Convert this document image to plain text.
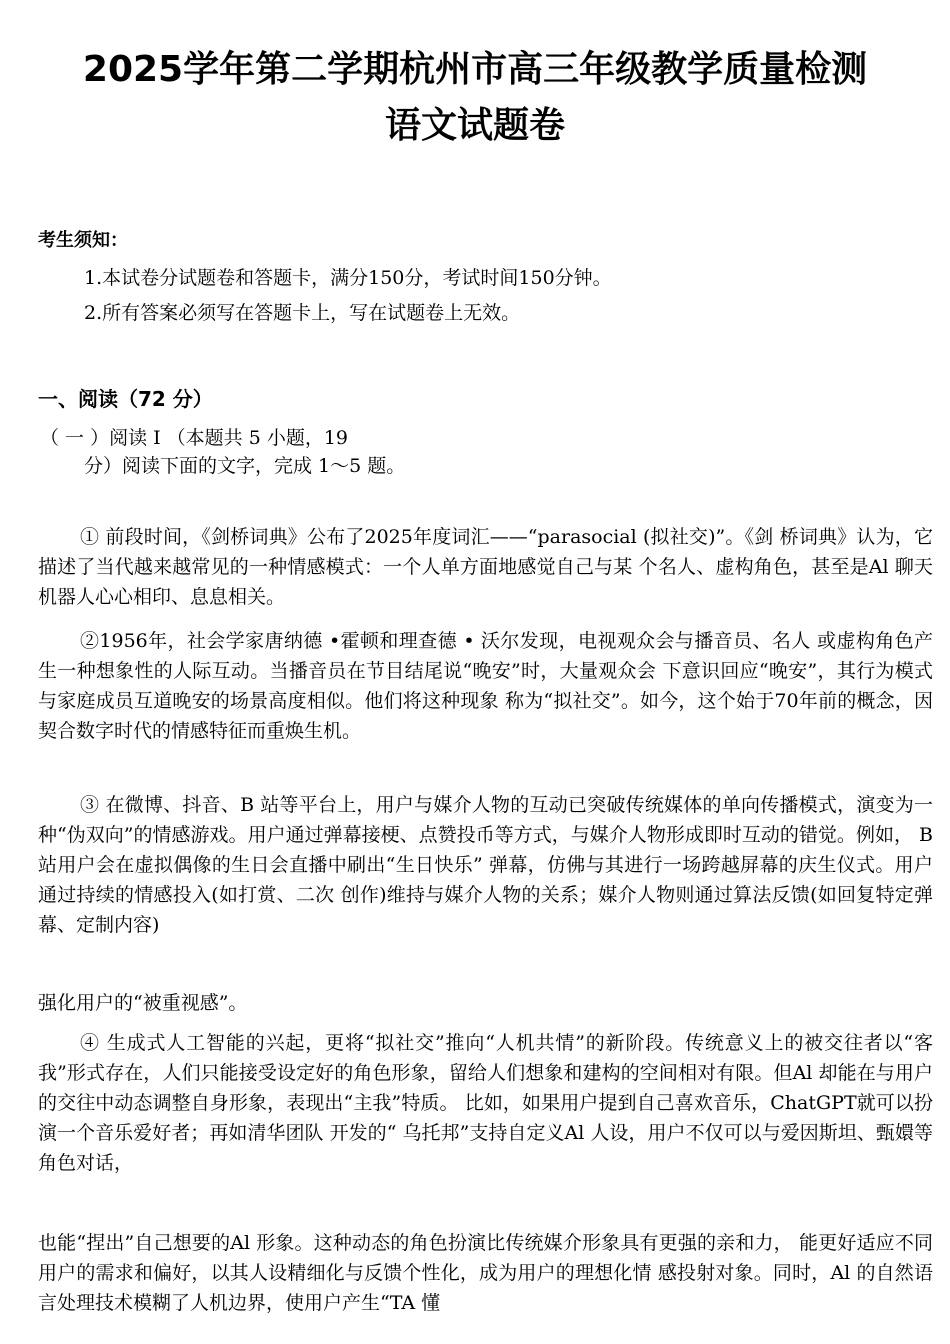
2025学年第二学期杭州市高三年级教学质量检测
语文试题卷

考生须知：

1.本试卷分试题卷和答题卡，满分150分，考试时间150分钟。

2.所有答案必须写在答题卡上，写在试题卷上无效。

一、阅读（72 分）

（ 一 ）阅读 I （本题共 5 小题，19
分）阅读下面的文字，完成 1～5 题。

① 前段时间，《剑桥词典》公布了2025年度词汇——“parasocial (拟社交)”。《剑 桥词典》认为，它描述了当代越来越常见的一种情感模式：一个人单方面地感觉自己与某 个名人、虚构角色，甚至是Al 聊天机器人心心相印、息息相关。

②1956年，社会学家唐纳德 •霍顿和理查德 • 沃尔发现，电视观众会与播音员、名人 或虚构角色产生一种想象性的人际互动。当播音员在节目结尾说“晚安”时，大量观众会 下意识回应“晚安”，其行为模式与家庭成员互道晚安的场景高度相似。他们将这种现象 称为“拟社交”。如今，这个始于70年前的概念，因契合数字时代的情感特征而重焕生机。

③ 在微博、抖音、B 站等平台上，用户与媒介人物的互动已突破传统媒体的单向传播模式，演变为一种“伪双向”的情感游戏。用户通过弹幕接梗、点赞投币等方式，与媒介人物形成即时互动的错觉。例如， B站用户会在虚拟偶像的生日会直播中刷出“生日快乐” 弹幕，仿佛与其进行一场跨越屏幕的庆生仪式。用户通过持续的情感投入(如打赏、二次 创作)维持与媒介人物的关系；媒介人物则通过算法反馈(如回复特定弹幕、定制内容)

强化用户的“被重视感”。

④ 生成式人工智能的兴起，更将“拟社交”推向“人机共情”的新阶段。传统意义上的被交往者以“客我”形式存在，人们只能接受设定好的角色形象，留给人们想象和建构的空间相对有限。但Al 却能在与用户的交往中动态调整自身形象，表现出“主我”特质。 比如，如果用户提到自己喜欢音乐，ChatGPT就可以扮演一个音乐爱好者；再如清华团队 开发的“ 乌托邦”支持自定义Al 人设，用户不仅可以与爱因斯坦、甄嬛等角色对话，

也能“捏出”自己想要的Al 形象。这种动态的角色扮演比传统媒介形象具有更强的亲和力， 能更好适应不同用户的需求和偏好，以其人设精细化与反馈个性化，成为用户的理想化情 感投射对象。同时，Al 的自然语言处理技术模糊了人机边界，使用户产生“TA 懂
